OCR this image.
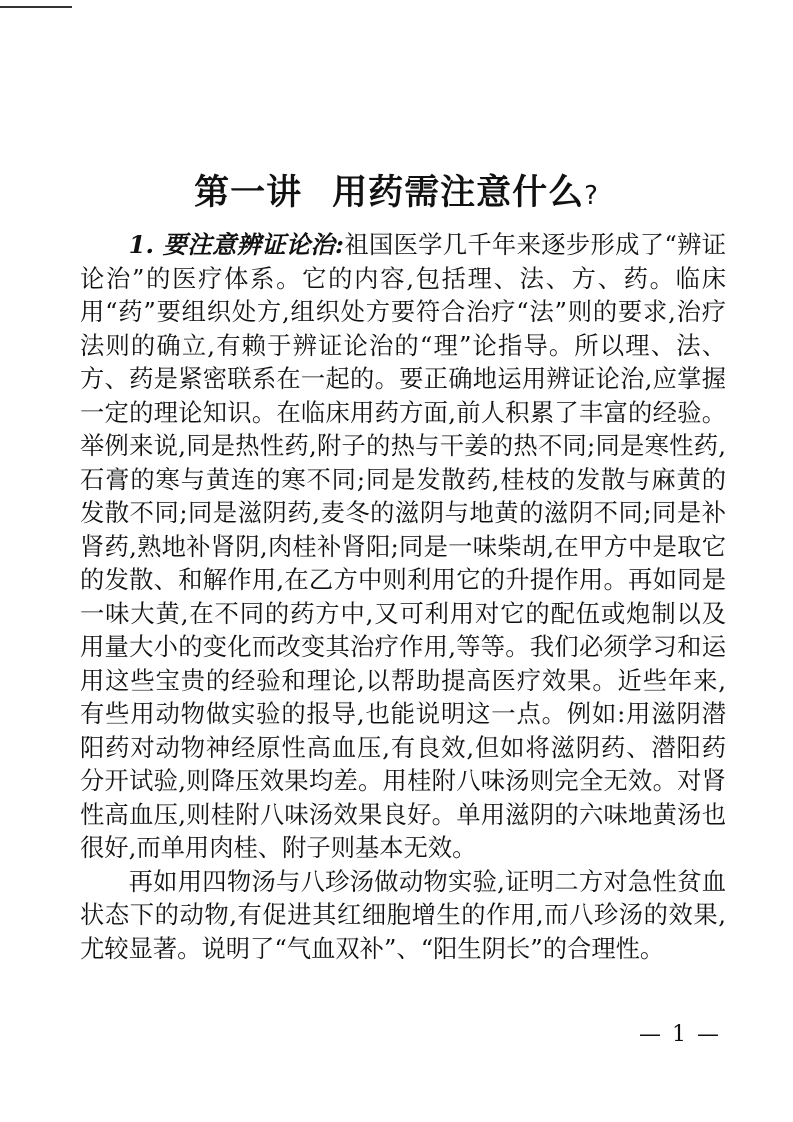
第一讲 用药需注意什么?

1. 要注意辨证论治:祖国医学几千年来逐步形成了“辨证论治”的医疗体系。它的内容,包括理、法、方、药。临床用“药”要组织处方,组织处方要符合治疗“法”则的要求,治疗法则的确立,有赖于辨证论治的“理”论指导。所以理、法、方、药是紧密联系在一起的。要正确地运用辨证论治,应掌握一定的理论知识。在临床用药方面,前人积累了丰富的经验。举例来说,同是热性药,附子的热与干姜的热不同;同是寒性药,石膏的寒与黄连的寒不同;同是发散药,桂枝的发散与麻黄的发散不同;同是滋阴药,麦冬的滋阴与地黄的滋阴不同;同是补肾药,熟地补肾阴,肉桂补肾阳;同是一味柴胡,在甲方中是取它的发散、和解作用,在乙方中则利用它的升提作用。再如同是一味大黄,在不同的药方中,又可利用对它的配伍或炮制以及用量大小的变化而改变其治疗作用,等等。我们必须学习和运用这些宝贵的经验和理论,以帮助提高医疗效果。近些年来,有些用动物做实验的报导,也能说明这一点。例如:用滋阴潜阳药对动物神经原性高血压,有良效,但如将滋阴药、潜阳药分开试验,则降压效果均差。用桂附八味汤则完全无效。对肾性高血压,则桂附八味汤效果良好。单用滋阴的六味地黄汤也很好,而单用肉桂、附子则基本无效。

再如用四物汤与八珍汤做动物实验,证明二方对急性贫血状态下的动物,有促进其红细胞增生的作用,而八珍汤的效果,尤较显著。说明了“气血双补”、“阳生阴长”的合理性。

— 1 —
